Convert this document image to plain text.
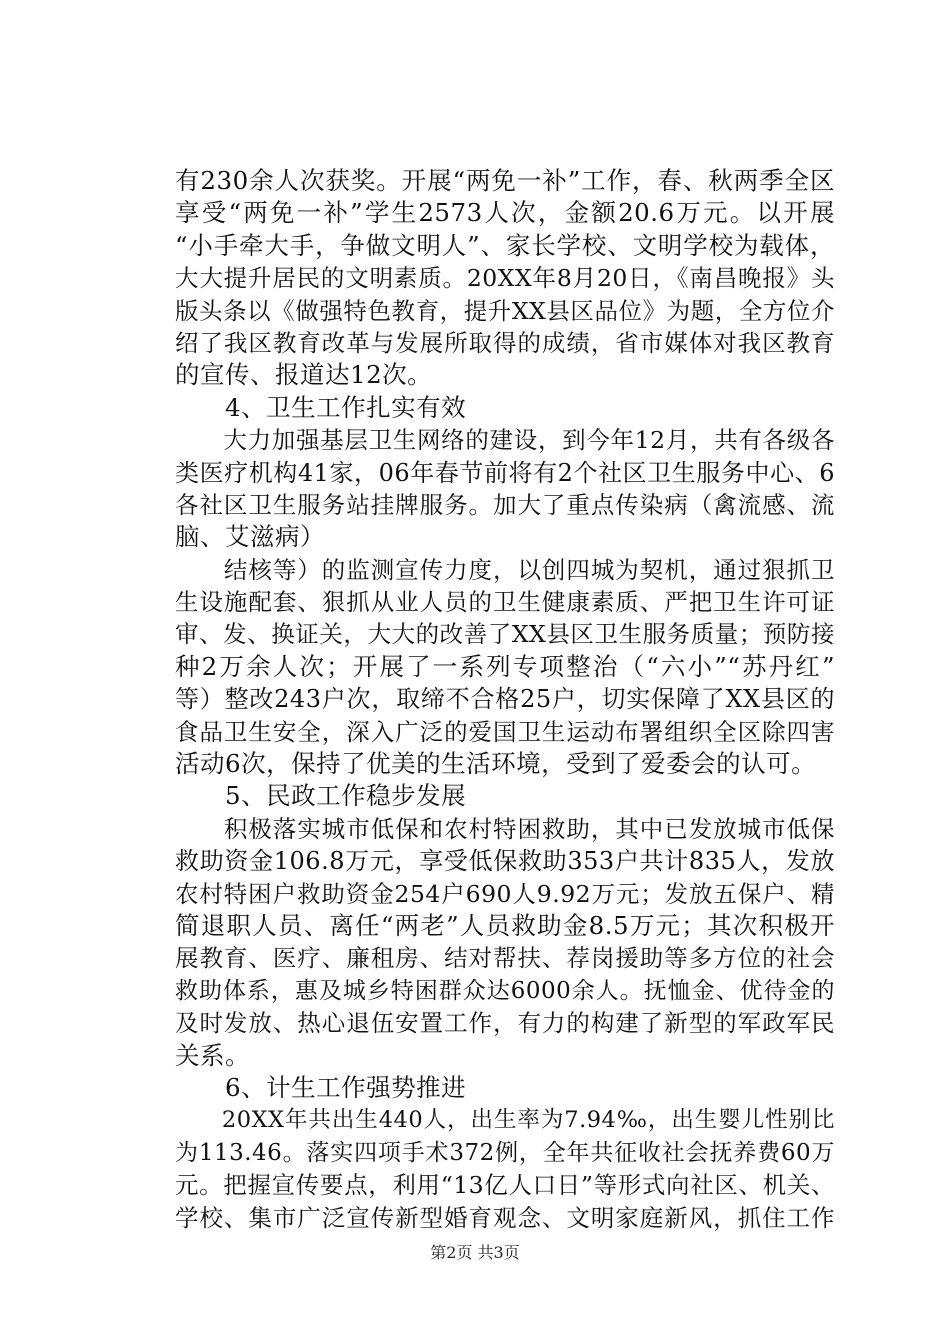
有230余人次获奖。开展“两免一补”工作，春、秋两季全区
享受“两免一补”学生2573人次，金额20.6万元。以开展
“小手牵大手，争做文明人”、家长学校、文明学校为载体，
大大提升居民的文明素质。20XX年8月20日，《南昌晚报》头
版头条以《做强特色教育，提升XX县区品位》为题，全方位介
绍了我区教育改革与发展所取得的成绩，省市媒体对我区教育
的宣传、报道达12次。
　　4、卫生工作扎实有效
　　大力加强基层卫生网络的建设，到今年12月，共有各级各
类医疗机构41家，06年春节前将有2个社区卫生服务中心、6
各社区卫生服务站挂牌服务。加大了重点传染病（禽流感、流
脑、艾滋病）
　　结核等）的监测宣传力度，以创四城为契机，通过狠抓卫
生设施配套、狠抓从业人员的卫生健康素质、严把卫生许可证
审、发、换证关，大大的改善了XX县区卫生服务质量；预防接
种2万余人次；开展了一系列专项整治（“六小”“苏丹红”
等）整改243户次，取缔不合格25户，切实保障了XX县区的
食品卫生安全，深入广泛的爱国卫生运动布署组织全区除四害
活动6次，保持了优美的生活环境，受到了爱委会的认可。
　　5、民政工作稳步发展
　　积极落实城市低保和农村特困救助，其中已发放城市低保
救助资金106.8万元，享受低保救助353户共计835人，发放
农村特困户救助资金254户690人9.92万元；发放五保户、精
简退职人员、离任“两老”人员救助金8.5万元；其次积极开
展教育、医疗、廉租房、结对帮扶、荐岗援助等多方位的社会
救助体系，惠及城乡特困群众达6000余人。抚恤金、优待金的
及时发放、热心退伍安置工作，有力的构建了新型的军政军民
关系。
　　6、计生工作强势推进
　　20XX年共出生440人，出生率为7.94‰，出生婴儿性别比
为113.46。落实四项手术372例，全年共征收社会抚养费60万
元。把握宣传要点，利用“13亿人口日”等形式向社区、机关、
学校、集市广泛宣传新型婚育观念、文明家庭新风，抓住工作
第2页 共3页
